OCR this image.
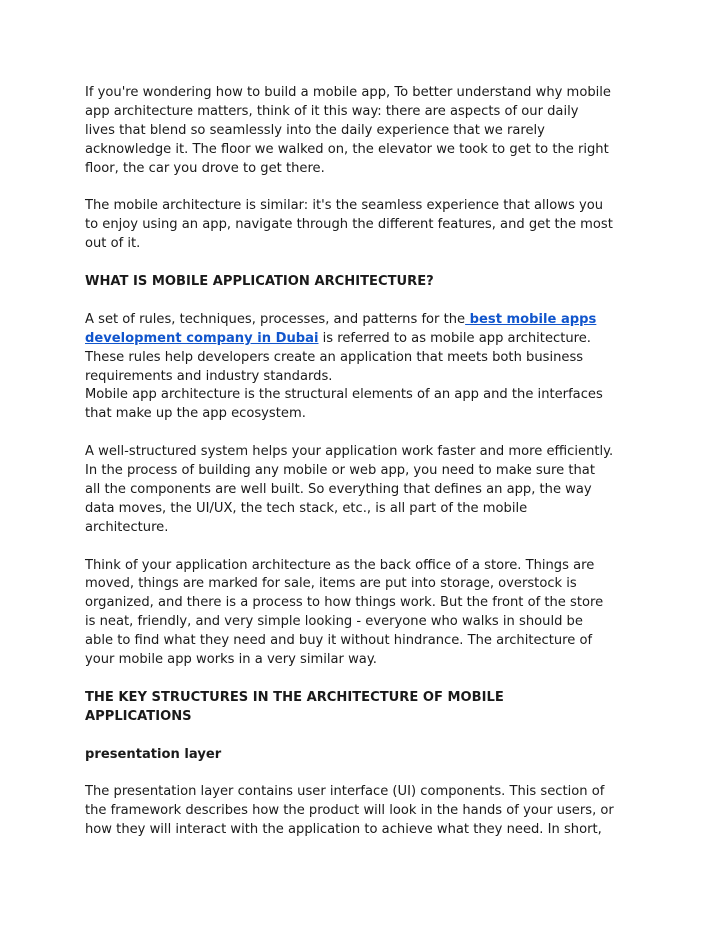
If you're wondering how to build a mobile app, To better understand why mobile
app architecture matters, think of it this way: there are aspects of our daily
lives that blend so seamlessly into the daily experience that we rarely
acknowledge it. The floor we walked on, the elevator we took to get to the right
floor, the car you drove to get there.

The mobile architecture is similar: it's the seamless experience that allows you
to enjoy using an app, navigate through the different features, and get the most
out of it.

WHAT IS MOBILE APPLICATION ARCHITECTURE?

A set of rules, techniques, processes, and patterns for the best mobile apps
development company in Dubai is referred to as mobile app architecture.
These rules help developers create an application that meets both business
requirements and industry standards.
Mobile app architecture is the structural elements of an app and the interfaces
that make up the app ecosystem.

A well-structured system helps your application work faster and more efficiently.
In the process of building any mobile or web app, you need to make sure that
all the components are well built. So everything that defines an app, the way
data moves, the UI/UX, the tech stack, etc., is all part of the mobile
architecture.

Think of your application architecture as the back office of a store. Things are
moved, things are marked for sale, items are put into storage, overstock is
organized, and there is a process to how things work. But the front of the store
is neat, friendly, and very simple looking - everyone who walks in should be
able to find what they need and buy it without hindrance. The architecture of
your mobile app works in a very similar way.

THE KEY STRUCTURES IN THE ARCHITECTURE OF MOBILE
APPLICATIONS

presentation layer

The presentation layer contains user interface (UI) components. This section of
the framework describes how the product will look in the hands of your users, or
how they will interact with the application to achieve what they need. In short,
